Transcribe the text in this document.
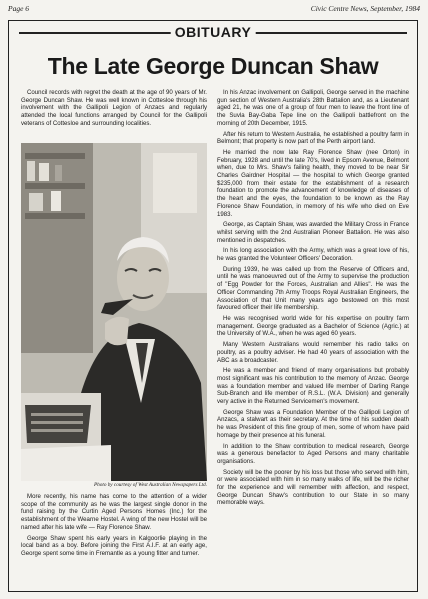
Page 6	Civic Centre News, September, 1984
OBITUARY
The Late George Duncan Shaw

Council records with regret the death at the age of 90 years of Mr. George Duncan Shaw. He was well known in Cottesloe through his involvement with the Gallipoli Legion of Anzacs and regularly attended the local functions arranged by Council for the Gallipoli veterans of Cottesloe and surrounding localities.

Photo by courtesy of West Australian Newspapers Ltd.

More recently, his name has come to the attention of a wider scope of the community as he was the largest single donor in the fund raising by the Curtin Aged Persons Homes (Inc.) for the establishment of the Wearne Hostel. A wing of the new Hostel will be named after his late wife — Ray Florence Shaw.

George Shaw spent his early years in Kalgoorlie playing in the local band as a boy. Before joining the First A.I.F. at an early age, George spent some time in Fremantle as a young fitter and turner.

In his Anzac involvement on Gallipoli, George served in the machine gun section of Western Australia's 28th Battalion and, as a Lieutenant aged 21, he was one of a group of four men to leave the front line of the Suvla Bay-Gaba Tepe line on the Gallipoli battlefront on the morning of 20th December, 1915.

After his return to Western Australia, he established a poultry farm in Belmont; that property is now part of the Perth airport land.

He married the now late Ray Florence Shaw (nee Orton) in February, 1928 and until the late 70's, lived in Epsom Avenue, Belmont when, due to Mrs. Shaw's failing health, they moved to be near Sir Charles Gairdner Hospital — the hospital to which George granted $235,000 from their estate for the establishment of a research foundation to promote the advancement of knowledge of diseases of the heart and the eyes, the foundation to be known as the Ray Florence Shaw Foundation, in memory of his wife who died on Eve 1983.

George, as Captain Shaw, was awarded the Military Cross in France whilst serving with the 2nd Australian Pioneer Battalion. He was also mentioned in despatches.

In his long association with the Army, which was a great love of his, he was granted the Volunteer Officers' Decoration.

During 1939, he was called up from the Reserve of Officers and, until he was manoeuvred out of the Army to supervise the production of "Egg Powder for the Forces, Australian and Allies". He was the Officer Commanding 7th Army Troops Royal Australian Engineers, the Association of that Unit many years ago bestowed on this most favoured officer their life membership.

He was recognised world wide for his expertise on poultry farm management. George graduated as a Bachelor of Science (Agric.) at the University of W.A., when he was aged 60 years.

Many Western Australians would remember his radio talks on poultry, as a poultry adviser. He had 40 years of association with the ABC as a broadcaster.

He was a member and friend of many organisations but probably most significant was his contribution to the memory of Anzac. George was a foundation member and valued life member of Darling Range Sub-Branch and life member of R.S.L. (W.A. Division) and generally very active in the Returned Servicemen's movement.

George Shaw was a Foundation Member of the Gallipoli Legion of Anzacs, a stalwart as their secretary. At the time of his sudden death he was President of this fine group of men, some of whom have paid homage by their presence at his funeral.

In addition to the Shaw contribution to medical research, George was a generous benefactor to Aged Persons and many charitable organisations.

Society will be the poorer by his loss but those who served with him, or were associated with him in so many walks of life, will be the richer for the experience and will remember with affection, and respect, George Duncan Shaw's contribution to our State in so many memorable ways.
